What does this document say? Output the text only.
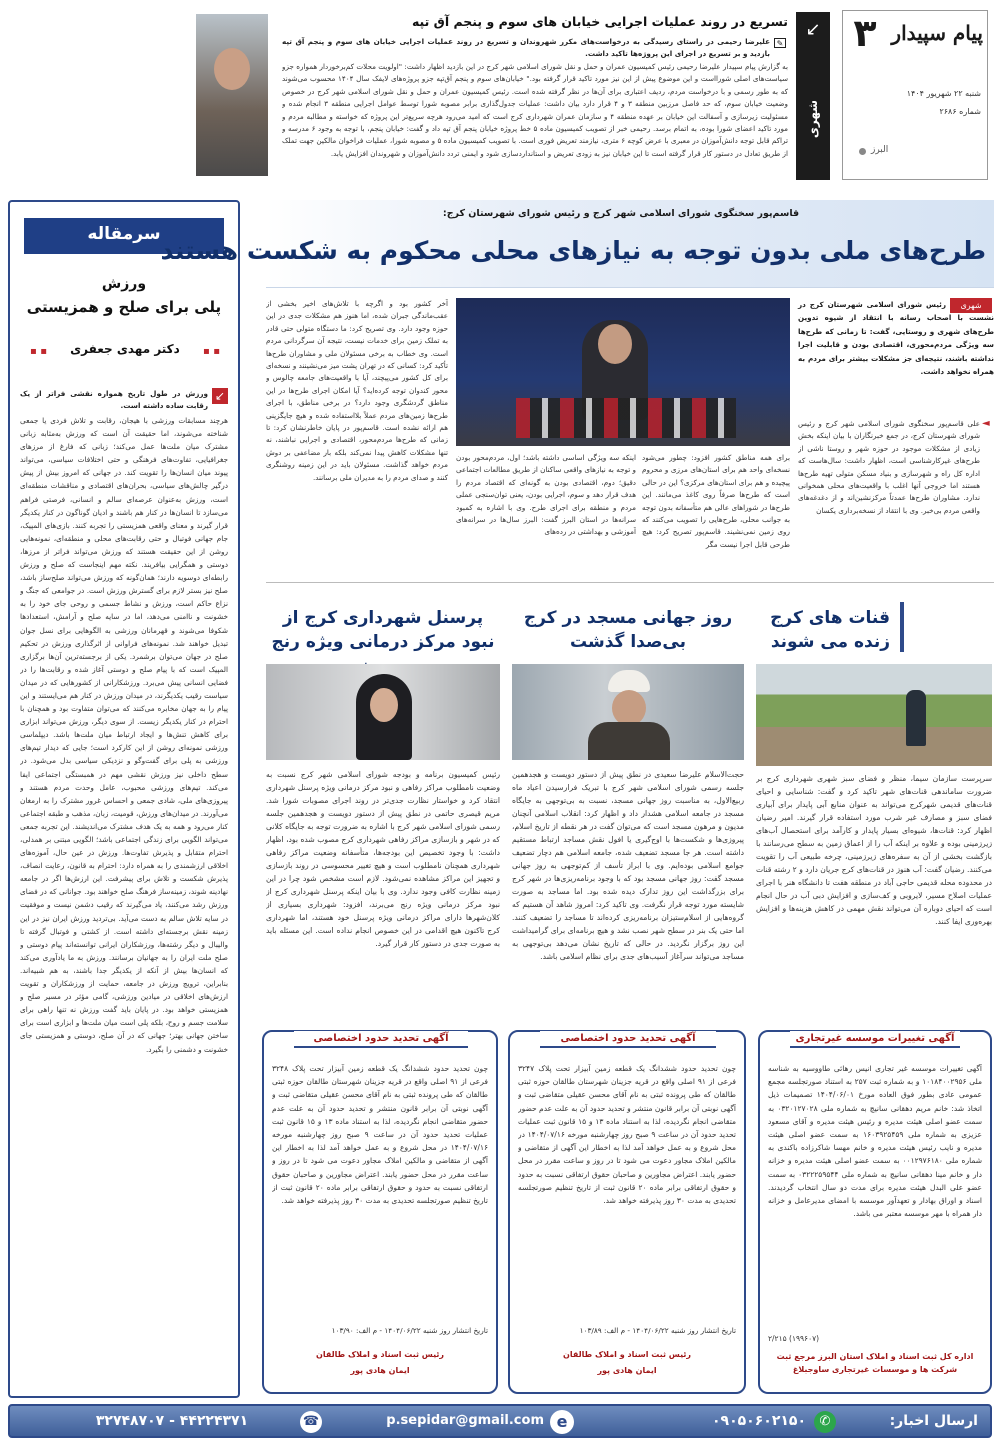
پیام سپیدار
۳
شنبه ۲۲ شهریور ۱۴۰۴
شماره ۲۶۸۶
البرز
↙
شهری
تسریع در روند عملیات اجرایی خیابان های سوم و پنجم آق تپه
✎
علیرضا رحیمی در راستای رسیدگی به درخواست‌های مکرر شهروندان و تسریع در روند عملیات اجرایی خیابان های سوم و پنجم آق تپه بازدید و بر تسریع در اجرای این پروژه‌ها تاکید داشت.
به گزارش پیام سپیدار علیرضا رحیمی رئیس کمیسیون عمران و حمل و نقل شورای اسلامی شهر کرج در این بازدید اظهار داشت: "اولویت محلات کم‌برخوردار همواره جزو سیاست‌های اصلی شورااست و این موضوع پیش از این نیز مورد تاکید قرار گرفته بود." خیابان‌های سوم و پنجم آق‌تپه جزو پروژه‌های لایفک سال ۱۴۰۴ محسوب می‌شوند که به طور رسمی و با درخواست مردم، ردیف اعتباری برای آن‌ها در نظر گرفته شده است. رئیس کمیسیون عمران و حمل و نقل شورای اسلامی شهر کرج در خصوص وضعیت خیابان سوم، که حد فاصل مرزبین منطقه ۳ و ۴ قرار دارد بیان داشت: عملیات جدول‌گذاری برابر مصوبه شورا توسط عوامل اجرایی منطقه ۳ انجام شده و مسئولیت زیرسازی و آسفالت این خیابان بر عهده منطقه ۴ و سازمان عمران شهرداری کرج است که امید می‌رود هرچه سریع‌تر این پروژه که خواسته و مطالبه مردم و مورد تاکید اعضای شورا بوده، به اتمام برسد. رحیمی خبر از تصویب کمیسیون ماده ۵ خط پروژه خیابان پنجم آق تپه داد و گفت: خیابان پنجم، با توجه به وجود ۶ مدرسه و تراکم قابل توجه دانش‌آموزان در معبری با عرض کوچه ۶ متری، نیازمند تعریض فوری است. با تصویب کمیسیون ماده ۵ و مصوبه شورا، عملیات فراخوان مالکین جهت تملک از طریق تعادل در دستور کار قرار گرفته است تا این خیابان نیز به زودی تعریض و استانداردسازی شود و ایمنی تردد دانش‌آموزان و شهروندان افزایش یابد.
سرمقاله
ورزش
پلی برای صلح و همزیستی
▪ ▪	دکتر مهدی جعفری	▪ ▪
↙
ورزش در طول تاریخ همواره نقشی فراتر از یک رقابت ساده داشته است.
هرچند مسابقات ورزشی با هیجان، رقابت و تلاش فردی یا جمعی شناخته می‌شوند، اما حقیقت آن است که ورزش به‌مثابه زبانی مشترک میان ملت‌ها عمل می‌کند؛ زبانی که فارغ از مرزهای جغرافیایی، تفاوت‌های فرهنگی و حتی اختلافات سیاسی، می‌تواند پیوند میان انسان‌ها را تقویت کند. در جهانی که امروز بیش از پیش درگیر چالش‌های سیاسی، بحران‌های اقتصادی و مناقشات منطقه‌ای است، ورزش به‌عنوان عرصه‌ای سالم و انسانی، فرصتی فراهم می‌سازد تا انسان‌ها در کنار هم باشند و ادیان گوناگون در کنار یکدیگر قرار گیرند و معنای واقعی همزیستی را تجربه کنند. بازی‌های المپیک، جام جهانی فوتبال و حتی رقابت‌های محلی و منطقه‌ای، نمونه‌هایی روشن از این حقیقت هستند که ورزش می‌تواند فراتر از مرزها، دوستی و همگرایی بیافریند. نکته مهم اینجاست که صلح و ورزش رابطه‌ای دوسویه دارند؛ همان‌گونه که ورزش می‌تواند صلح‌ساز باشد، صلح نیز بستر لازم برای گسترش ورزش است. در جوامعی که جنگ و نزاع حاکم است، ورزش و نشاط جسمی و روحی جای خود را به خشونت و ناامنی می‌دهد، اما در سایه صلح و آرامش، استعدادها شکوفا می‌شوند و قهرمانان ورزشی به الگوهایی برای نسل جوان تبدیل خواهند شد. نمونه‌های فراوانی از اثرگذاری ورزش در تحکیم صلح در جهان می‌توان برشمرد. یکی از برجسته‌ترین آن‌ها برگزاری المپیک است که با پیام صلح و دوستی آغاز شده و رقابت‌ها را در فضایی انسانی پیش می‌برد. ورزشکارانی از کشورهایی که در میدان سیاست رقیب یکدیگرند، در میدان ورزش در کنار هم می‌ایستند و این پیام را به جهان مخابره می‌کنند که می‌توان متفاوت بود و همچنان با احترام در کنار یکدیگر زیست. از سوی دیگر، ورزش می‌تواند ابزاری برای کاهش تنش‌ها و ایجاد ارتباط میان ملت‌ها باشد. دیپلماسی ورزشی نمونه‌ای روشن از این کارکرد است؛ جایی که دیدار تیم‌های ورزشی به پلی برای گفت‌وگو و نزدیکی سیاسی بدل می‌شود. در سطح داخلی نیز ورزش نقشی مهم در همبستگی اجتماعی ایفا می‌کند. تیم‌های ورزشی محبوب، عامل وحدت مردم هستند و پیروزی‌های ملی، شادی جمعی و احساس غرور مشترک را به ارمغان می‌آورند. در میدان‌های ورزش، قومیت، زبان، مذهب و طبقه اجتماعی کنار می‌رود و همه به یک هدف مشترک می‌اندیشند. این تجربه جمعی می‌تواند الگویی برای زندگی اجتماعی باشد؛ الگویی مبتنی بر همدلی، احترام متقابل و پذیرش تفاوت‌ها. ورزش در عین حال، آموزه‌های اخلاقی ارزشمندی را به همراه دارد: احترام به قانون، رعایت انصاف، پذیرش شکست و تلاش برای پیشرفت. این ارزش‌ها اگر در جامعه نهادینه شوند، زمینه‌ساز فرهنگ صلح خواهند بود. جوانانی که در فضای ورزش رشد می‌کنند، یاد می‌گیرند که رقیب دشمن نیست و موفقیت در سایه تلاش سالم به دست می‌آید. بی‌تردید ورزش ایران نیز در این زمینه نقش برجسته‌ای داشته است. از کشتی و فوتبال گرفته تا والیبال و دیگر رشته‌ها، ورزشکاران ایرانی توانسته‌اند پیام دوستی و صلح ملت ایران را به جهانیان برسانند. ورزش به ما یادآوری می‌کند که انسان‌ها بیش از آنکه از یکدیگر جدا باشند، به هم شبیه‌اند. بنابراین، ترویج ورزش در جامعه، حمایت از ورزشکاران و تقویت ارزش‌های اخلاقی در میادین ورزشی، گامی مؤثر در مسیر صلح و همزیستی خواهد بود. در پایان باید گفت ورزش نه تنها راهی برای سلامت جسم و روح، بلکه پلی است میان ملت‌ها و ابزاری است برای ساختن جهانی بهتر؛ جهانی که در آن صلح، دوستی و همزیستی جای خشونت و دشمنی را بگیرد.
قاسم‌پور سخنگوی شورای اسلامی شهر کرج و رئیس شورای شهرستان کرج:
طرح‌های ملی بدون توجه به نیازهای محلی محکوم به شکست هستند
شهری
رئیس شورای اسلامی شهرستان کرج در نشست با اصحاب رسانه با انتقاد از شیوه تدوین طرح‌های شهری و روستایی، گفت: تا زمانی که طرح‌ها سه ویژگی مردم‌محوری، اقتصادی بودن و قابلیت اجرا نداشته باشند، نتیجه‌ای جز مشکلات بیشتر برای مردم به همراه نخواهد داشت.
◄
علی قاسم‌پور سخنگوی شورای اسلامی شهر کرج و رئیس شورای شهرستان کرج، در جمع خبرنگاران با بیان اینکه بخش زیادی از مشکلات موجود در حوزه شهر و روستا ناشی از طرح‌های غیرکارشناسی است، اظهار داشت: سال‌هاست که اداره کل راه و شهرسازی و بنیاد مسکن متولی تهیه طرح‌ها هستند اما خروجی آنها اغلب با واقعیت‌های محلی همخوانی ندارد. مشاوران طرح‌ها عمدتاً مرکزنشین‌اند و از دغدغه‌های واقعی مردم بی‌خبر. وی با انتقاد از نسخه‌برداری یکسان
برای همه مناطق کشور افزود: چطور می‌شود نسخه‌ای واحد هم برای استان‌های مرزی و محروم پیچیده و هم برای استان‌های مرکزی؟ این در حالی است که طرح‌ها صرفاً روی کاغذ می‌مانند. این طرح‌ها در شوراهای عالی هم متأسفانه بدون توجه به جوانب محلی، طرح‌هایی را تصویب می‌کنند که روی زمین نمی‌نشیند. قاسم‌پور تصریح کرد: هیچ طرحی قابل اجرا نیست مگر
اینکه سه ویژگی اساسی داشته باشد؛ اول، مردم‌محور بودن و توجه به نیازهای واقعی ساکنان از طریق مطالعات اجتماعی دقیق؛ دوم، اقتصادی بودن به گونه‌ای که اقتصاد مردم را هدف قرار دهد و سوم، اجرایی بودن، یعنی توان‌سنجی عملی مردم و منطقه برای اجرای طرح. وی با اشاره به کمبود سرانه‌ها در استان البرز گفت: البرز سال‌ها در سرانه‌های آموزشی و بهداشتی در رده‌های
آخر کشور بود و اگرچه با تلاش‌های اخیر بخشی از عقب‌ماندگی جبران شده، اما هنوز هم مشکلات جدی در این حوزه وجود دارد. وی تصریح کرد: ما دستگاه متولی حتی قادر به تملک زمین برای خدمات نیست، نتیجه آن سرگردانی مردم است. وی خطاب به برخی مسئولان ملی و مشاوران طرح‌ها تأکید کرد: کسانی که در تهران پشت میز می‌نشینند و نسخه‌ای برای کل کشور می‌پیچند، آیا با واقعیت‌های جامعه چالوس و محور کندوان توجه کرده‌اید؟ آیا امکان اجرای طرح‌ها در این مناطق گردشگری وجود دارد؟ در برخی مناطق، با اجرای طرح‌ها زمین‌های مردم عملاً بلااستفاده شده و هیچ جایگزینی هم ارائه نشده است. قاسم‌پور در پایان خاطرنشان کرد: تا زمانی که طرح‌ها مردم‌محور، اقتصادی و اجرایی نباشند، نه تنها مشکلات کاهش پیدا نمی‌کند بلکه بار مضاعفی بر دوش مردم خواهد گذاشت. مسئولان باید در این زمینه روشنگری کنند و صدای مردم را به مدیران ملی برسانند.
قنات های کرج زنده می شوند
سرپرست سازمان سیما، منظر و فضای سبز شهری شهرداری کرج بر ضرورت ساماندهی قنات‌های شهر تاکید کرد و گفت: شناسایی و احیای قنات‌های قدیمی شهرکرج می‌تواند به عنوان منابع آبی پایدار برای آبیاری فضای سبز و مصارف غیر شرب مورد استفاده قرار گیرند. امیر رضیان اظهار کرد: قنات‌ها، شیوه‌ای بسیار پایدار و کارآمد برای استحصال آب‌های زیرزمینی بوده و علاوه بر اینکه آب را از اعماق زمین به سطح می‌رسانند با بازگشت بخشی از آن به سفره‌های زیرزمینی، چرخه طبیعی آب را تقویت می‌کنند. رضیان گفت: آب هنوز در قنات‌های کرج جریان دارد و ۲ رشته قنات در محدوده محله قدیمی حاجی آباد در منطقه هفت تا دانشگاه هنر با اجرای عملیات اصلاح مسیر، لایروبی و کف‌سازی و افزایش دبی آب در حال انجام است که احیای دوباره آن می‌تواند نقش مهمی در کاهش هزینه‌ها و افزایش بهره‌وری ایفا کنند.
روز جهانی مسجد در کرج بی‌صدا گذشت
حجت‌الاسلام علیرضا سعیدی در نطق پیش از دستور دویست و هجدهمین جلسه رسمی شورای اسلامی شهر کرج با تبریک فرارسیدن اعیاد ماه ربیع‌الاول، به مناسبت روز جهانی مسجد، نسبت به بی‌توجهی به جایگاه مسجد در جامعه اسلامی هشدار داد و اظهار کرد: انقلاب اسلامی آنچنان مدیون و مرهون مسجد است که می‌توان گفت در هر نقطه از تاریخ اسلام، پیروزی‌ها و شکست‌ها با اوج‌گیری یا افول نقش مساجد ارتباط مستقیم داشته است. هر جا مسجد تضعیف شده، جامعه اسلامی هم دچار تضعیف جوامع اسلامی بوده‌ایم. وی با ابراز تأسف از کم‌توجهی به روز جهانی مسجد گفت: روز جهانی مسجد بود که با وجود برنامه‌ریزی‌ها در شهر کرج برای بزرگداشت این روز تدارک دیده شده بود. اما مساجد به صورت شایسته مورد توجه قرار نگرفت. وی تاکید کرد: امروز شاهد آن هستیم که گروه‌هایی از اسلام‌ستیزان برنامه‌ریزی کرده‌اند تا مساجد را تضعیف کنند. اما حتی یک بنر در سطح شهر نصب نشد و هیچ برنامه‌ای برای گرامیداشت این روز برگزار نگردید. در حالی که تاریخ نشان می‌دهد بی‌توجهی به مساجد می‌تواند سرآغاز آسیب‌های جدی برای نظام اسلامی باشد.
پرسنل شهرداری کرج از نبود مرکز درمانی ویژه رنج
رئیس کمیسیون برنامه و بودجه شورای اسلامی شهر کرج نسبت به وضعیت نامطلوب مراکز رفاهی و نبود مرکز درمانی ویژه پرسنل شهرداری انتقاد کرد و خواستار نظارت جدی‌تر در روند اجرای مصوبات شورا شد. مریم قیصری حاتمی در نطق پیش از دستور دویست و هجدهمین جلسه رسمی شورای اسلامی شهر کرج با اشاره به ضرورت توجه به جایگاه کلانی که در شهر و بازسازی مراکز رفاهی شهرداری کرج مصوب شده بود، اظهار داشت: با وجود تخصیص این بودجه‌ها، متأسفانه وضعیت مراکز رفاهی شهرداری همچنان نامطلوب است و هیچ تغییر محسوسی در روند بازسازی و تجهیز این مراکز مشاهده نمی‌شود. لازم است مشخص شود چرا در این زمینه نظارت کافی وجود ندارد. وی با بیان اینکه پرسنل شهرداری کرج از نبود مرکز درمانی ویژه رنج می‌برند، افزود: شهرداری بسیاری از کلان‌شهرها دارای مراکز درمانی ویژه پرسنل خود هستند، اما شهرداری کرج تاکنون هیچ اقدامی در این خصوص انجام نداده است. این مسئله باید به صورت جدی در دستور کار قرار گیرد.
آگهی تغییرات موسسه غیرتجاری
آگهی تغییرات موسسه غیر تجاری انیس رهائی طاووسیه به شناسه ملی ۱۰۱۸۴۰۰۲۹۵۶ و به شماره ثبت ۲۵۷ به استناد صورتجلسه مجمع عمومی عادی بطور فوق العاده مورخ ۱۴۰۴/۰۶/۰۱ تصمیمات ذیل اتخاذ شد: خانم مریم دهقانی سانیچ به شماره ملی ۰۳۲۰۱۲۷۰۲۸ به سمت عضو اصلی هیئت مدیره و رئیس هیئت مدیره و آقای مسعود عزیزی به شماره ملی ۱۶۰۳۹۲۵۴۵۹ به سمت عضو اصلی هیئت مدیره و نایب رئیس هیئت مدیره و خانم مهسا شاکرزاده باکندی به شماره ملی ۰۰۱۲۹۷۶۱۸۰ به سمت عضو اصلی هیئت مدیره و خزانه دار و خانم مینا دهقانی سانیچ به شماره ملی ۰۳۲۲۲۵۹۵۴۴ به سمت عضو علی البدل هیئت مدیره برای مدت دو سال انتخاب گردیدند. اسناد و اوراق بهادار و تعهدآور موسسه با امضای مدیرعامل و خزانه دار همراه با مهر موسسه معتبر می باشد.
اداره کل ثبت اسناد و املاک استان البرز مرجع ثبت شرکت ها و موسسات غیرتجاری ساوجبلاغ
(۱۹۹۶۰۷) ۲/۲۱۵
آگهی تحدید حدود اختصاصی
چون تحدید حدود ششدانگ یک قطعه زمین آبیزار تحت پلاک ۳۲۴۷ فرعی از ۹۱ اصلی واقع در قریه جزینان شهرستان طالقان حوزه ثبتی طالقان که طی پرونده ثبتی به نام آقای محسن عقیلی متقاضی ثبت و آگهی نوبتی آن برابر قانون منتشر و تحدید حدود آن به علت عدم حضور متقاضی انجام نگردیده، لذا به استناد ماده ۱۳ و ۱۵ قانون ثبت عملیات تحدید حدود آن در ساعت ۹ صبح روز چهارشنبه مورخه ۱۴۰۴/۰۷/۱۶ در محل شروع و به عمل خواهد آمد لذا به اخطار این آگهی از متقاضی و مالکین املاک مجاور دعوت می شود تا در روز و ساعت مقرر در محل حضور یابند. اعتراض مجاورین و صاحبان حقوق ارتفاقی نسبت به حدود و حقوق ارتفاقی برابر ماده ۲۰ قانون ثبت از تاریخ تنظیم صورتجلسه تحدیدی به مدت ۳۰ روز پذیرفته خواهد شد.
تاریخ انتشار روز شنبه ۱۴۰۴/۰۶/۲۲ - م الف: ۱۰۳/۸۹
رئیس ثبت اسناد و املاک طالقان
ایمان هادی پور
آگهی تحدید حدود اختصاصی
چون تحدید حدود ششدانگ یک قطعه زمین آبیزار تحت پلاک ۳۲۴۸ فرعی از ۹۱ اصلی واقع در قریه جزینان شهرستان طالقان حوزه ثبتی طالقان که طی پرونده ثبتی به نام آقای محسن عقیلی متقاضی ثبت و آگهی نوبتی آن برابر قانون منتشر و تحدید حدود آن به علت عدم حضور متقاضی انجام نگردیده، لذا به استناد ماده ۱۳ و ۱۵ قانون ثبت عملیات تحدید حدود آن در ساعت ۹ صبح روز چهارشنبه مورخه ۱۴۰۴/۰۷/۱۶ در محل شروع و به عمل خواهد آمد لذا به اخطار این آگهی از متقاضی و مالکین املاک مجاور دعوت می شود تا در روز و ساعت مقرر در محل حضور یابند. اعتراض مجاورین و صاحبان حقوق ارتفاقی نسبت به حدود و حقوق ارتفاقی برابر ماده ۲۰ قانون ثبت از تاریخ تنظیم صورتجلسه تحدیدی به مدت ۳۰ روز پذیرفته خواهد شد.
تاریخ انتشار روز شنبه ۱۴۰۴/۰۶/۲۲ - م الف: ۱۰۳/۹۰
رئیس ثبت اسناد و املاک طالقان
ایمان هادی پور
ارسال اخبار:
✆
۰۹۰۵۰۶۰۲۱۵۰
e
p.sepidar@gmail.com
☎
۳۲۷۴۸۷۰۷ - ۴۴۲۲۴۳۷۱
